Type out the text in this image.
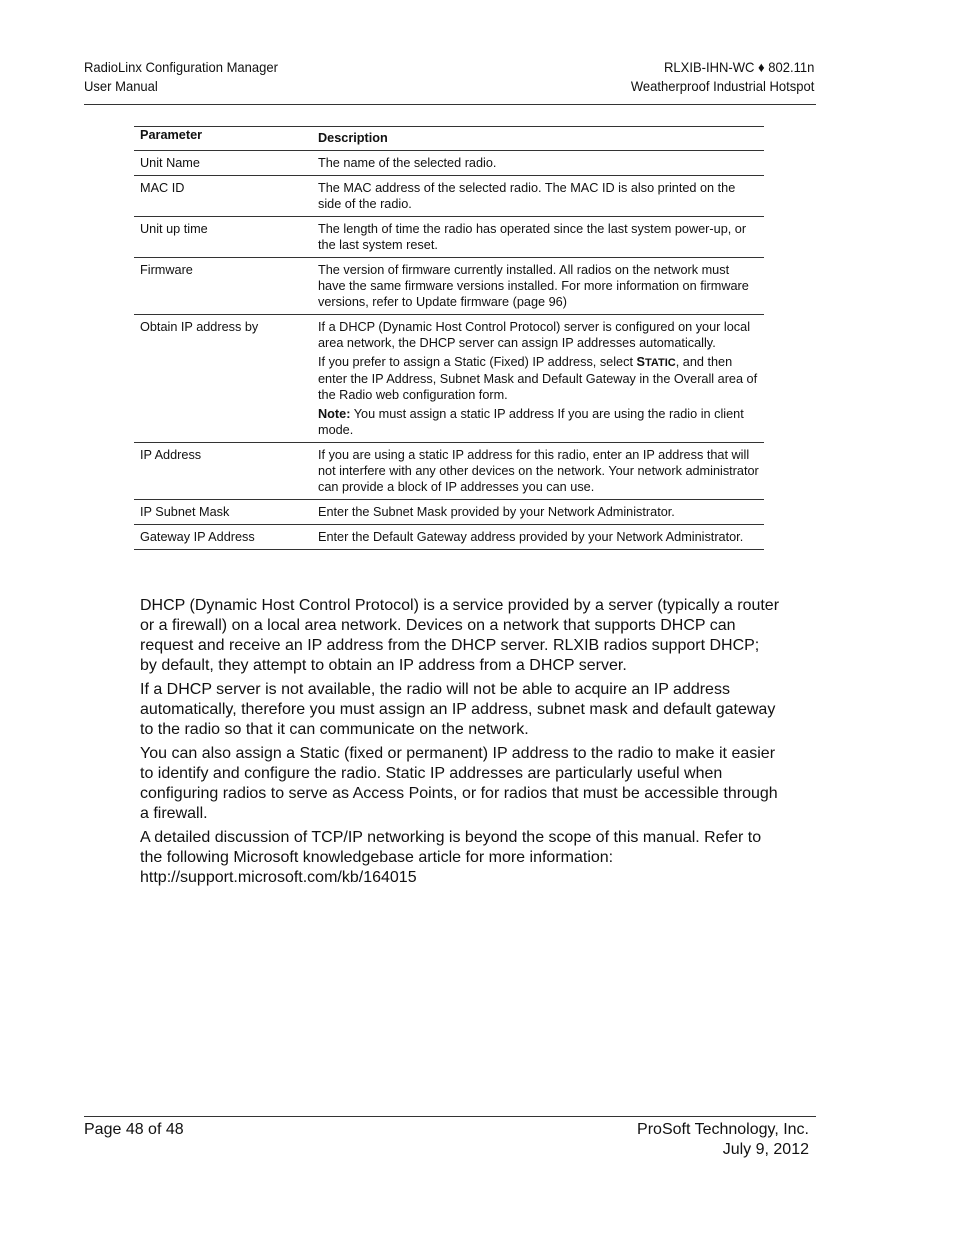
RadioLinx Configuration Manager
User Manual
RLXIB-IHN-WC ♦ 802.11n
Weatherproof Industrial Hotspot
Parameter	Description
Unit Name	The name of the selected radio.
MAC ID	The MAC address of the selected radio. The MAC ID is also printed on the side of the radio.
Unit up time	The length of time the radio has operated since the last system power-up, or the last system reset.
Firmware	The version of firmware currently installed. All radios on the network must have the same firmware versions installed. For more information on firmware versions, refer to Update firmware (page 96)
Obtain IP address by	If a DHCP (Dynamic Host Control Protocol) server is configured on your local area network, the DHCP server can assign IP addresses automatically.

If you prefer to assign a Static (Fixed) IP address, select STATIC, and then enter the IP Address, Subnet Mask and Default Gateway in the Overall area of the Radio web configuration form.

Note: You must assign a static IP address If you are using the radio in client mode.

IP Address	If you are using a static IP address for this radio, enter an IP address that will not interfere with any other devices on the network. Your network administrator can provide a block of IP addresses you can use.
IP Subnet Mask	Enter the Subnet Mask provided by your Network Administrator.
Gateway IP Address	Enter the Default Gateway address provided by your Network Administrator.

DHCP (Dynamic Host Control Protocol) is a service provided by a server (typically a router or a firewall) on a local area network. Devices on a network that supports DHCP can request and receive an IP address from the DHCP server. RLXIB radios support DHCP; by default, they attempt to obtain an IP address from a DHCP server.

If a DHCP server is not available, the radio will not be able to acquire an IP address automatically, therefore you must assign an IP address, subnet mask and default gateway to the radio so that it can communicate on the network.

You can also assign a Static (fixed or permanent) IP address to the radio to make it easier to identify and configure the radio. Static IP addresses are particularly useful when configuring radios to serve as Access Points, or for radios that must be accessible through a firewall.

A detailed discussion of TCP/IP networking is beyond the scope of this manual. Refer to the following Microsoft knowledgebase article for more information: http://support.microsoft.com/kb/164015

Page 48 of 48	ProSoft Technology, Inc.
July 9, 2012
